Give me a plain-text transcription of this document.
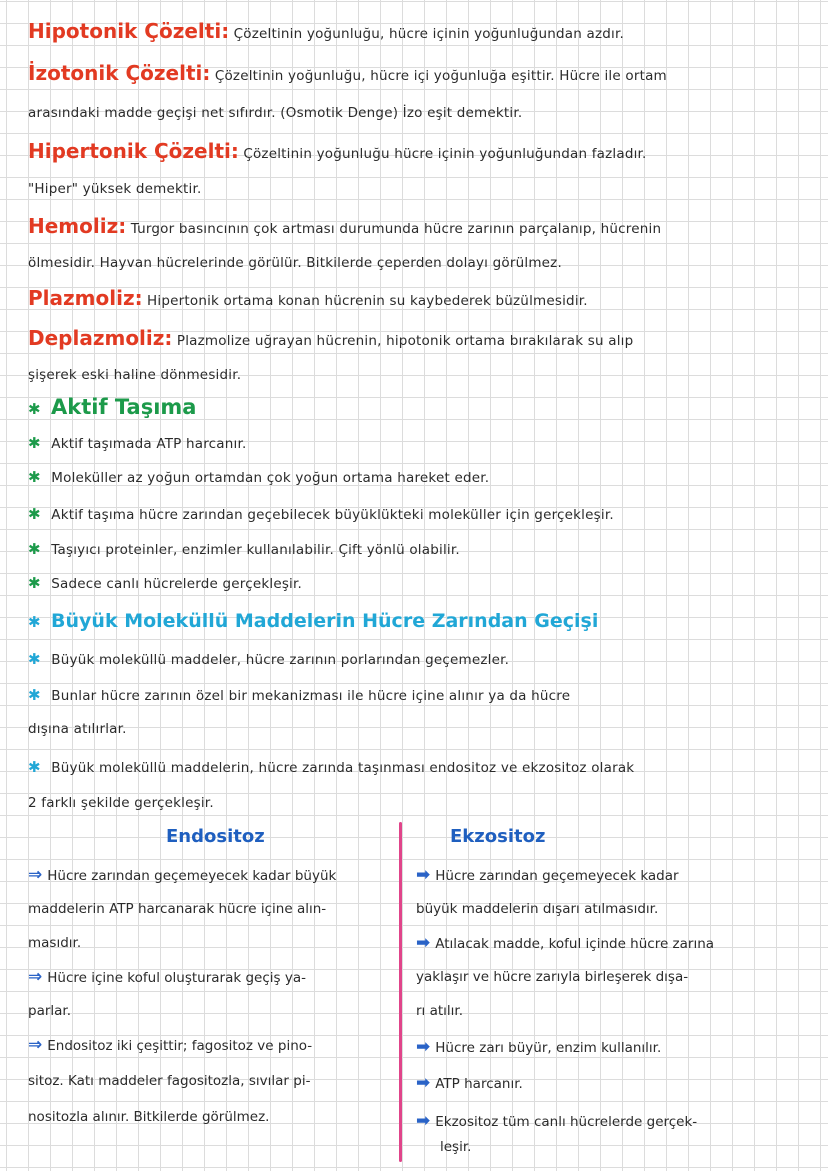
Hipotonik Çözelti: Çözeltinin yoğunluğu, hücre içinin yoğunluğundan azdır.
İzotonik Çözelti: Çözeltinin yoğunluğu, hücre içi yoğunluğa eşittir. Hücre ile ortam
arasındaki madde geçişi net sıfırdır. (Osmotik Denge) İzo eşit demektir.
Hipertonik Çözelti: Çözeltinin yoğunluğu hücre içinin yoğunluğundan fazladır.
"Hiper" yüksek demektir.
Hemoliz: Turgor basıncının çok artması durumunda hücre zarının parçalanıp, hücrenin
ölmesidir. Hayvan hücrelerinde görülür. Bitkilerde çeperden dolayı görülmez.
Plazmoliz: Hipertonik ortama konan hücrenin su kaybederek büzülmesidir.
Deplazmoliz: Plazmolize uğrayan hücrenin, hipotonik ortama bırakılarak su alıp
şişerek eski haline dönmesidir.
✱ Aktif Taşıma
✱ Aktif taşımada ATP harcanır.
✱ Moleküller az yoğun ortamdan çok yoğun ortama hareket eder.
✱ Aktif taşıma hücre zarından geçebilecek büyüklükteki moleküller için gerçekleşir.
✱ Taşıyıcı proteinler, enzimler kullanılabilir. Çift yönlü olabilir.
✱ Sadece canlı hücrelerde gerçekleşir.
✱ Büyük Moleküllü Maddelerin Hücre Zarından Geçişi
✱ Büyük moleküllü maddeler, hücre zarının porlarından geçemezler.
✱ Bunlar hücre zarının özel bir mekanizması ile hücre içine alınır ya da hücre
dışına atılırlar.
✱ Büyük moleküllü maddelerin, hücre zarında taşınması endositoz ve ekzositoz olarak
2 farklı şekilde gerçekleşir.
Endositoz	Ekzositoz
⇒ Hücre zarından geçemeyecek kadar büyük
maddelerin ATP harcanarak hücre içine alın-
masıdır.
⇒ Hücre içine koful oluşturarak geçiş ya-
parlar.
⇒ Endositoz iki çeşittir; fagositoz ve pino-
sitoz. Katı maddeler fagositozla, sıvılar pi-
nositozla alınır. Bitkilerde görülmez.
➡ Hücre zarından geçemeyecek kadar
büyük maddelerin dışarı atılmasıdır.
➡ Atılacak madde, koful içinde hücre zarına
yaklaşır ve hücre zarıyla birleşerek dışa-
rı atılır.
➡ Hücre zarı büyür, enzim kullanılır.
➡ ATP harcanır.
➡ Ekzositoz tüm canlı hücrelerde gerçek-
leşir.
